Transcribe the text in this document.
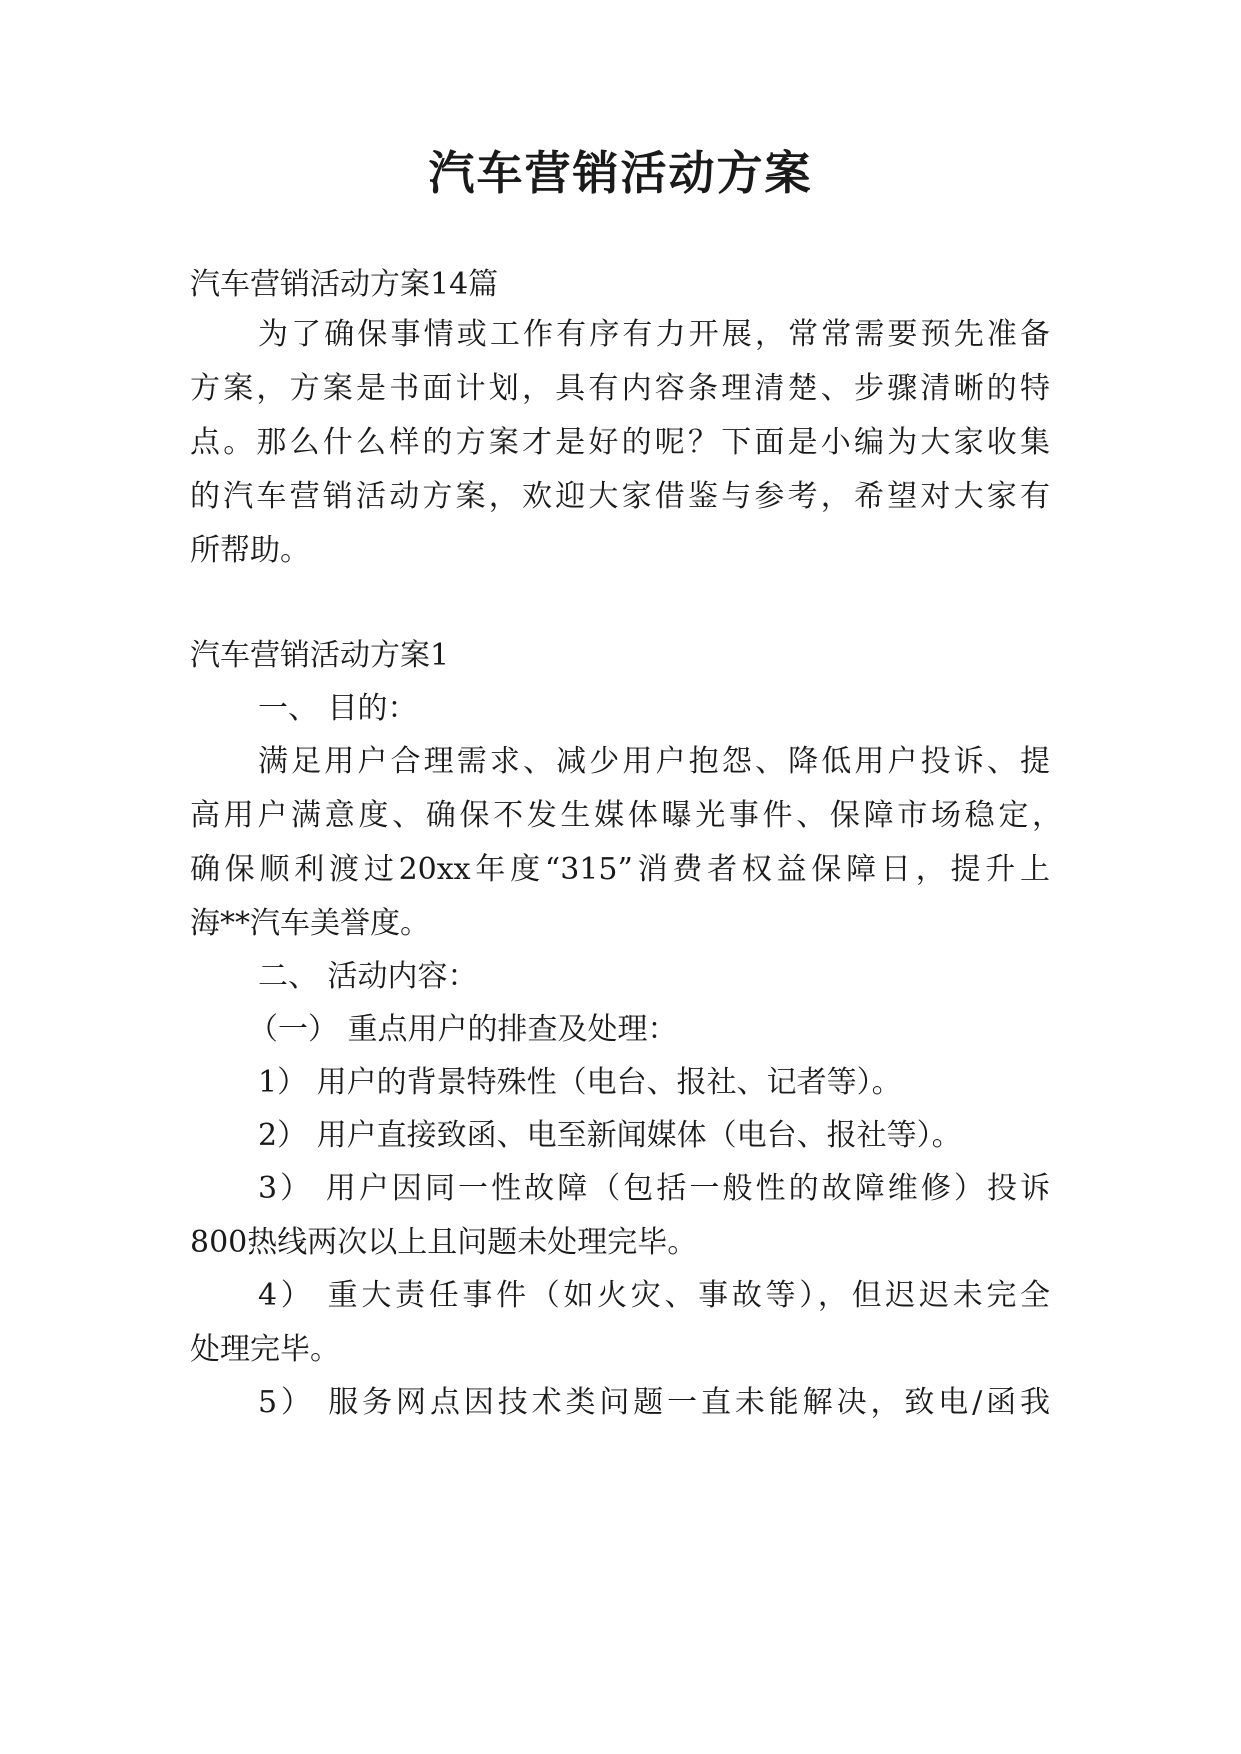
汽车营销活动方案
汽车营销活动方案14篇
为了确保事情或工作有序有力开展，常常需要预先准备
方案，方案是书面计划，具有内容条理清楚、步骤清晰的特
点。那么什么样的方案才是好的呢？下面是小编为大家收集
的汽车营销活动方案，欢迎大家借鉴与参考，希望对大家有
所帮助。
汽车营销活动方案1
一、 目的：
满足用户合理需求、减少用户抱怨、降低用户投诉、提
高用户满意度、确保不发生媒体曝光事件、保障市场稳定，
确保顺利渡过20xx年度“315”消费者权益保障日，提升上
海**汽车美誉度。
二、 活动内容：
（一） 重点用户的排查及处理：
1） 用户的背景特殊性（电台、报社、记者等）。
2） 用户直接致函、电至新闻媒体（电台、报社等）。
3） 用户因同一性故障（包括一般性的故障维修）投诉
800热线两次以上且问题未处理完毕。
4） 重大责任事件（如火灾、事故等），但迟迟未完全
处理完毕。
5） 服务网点因技术类问题一直未能解决，致电/函我
